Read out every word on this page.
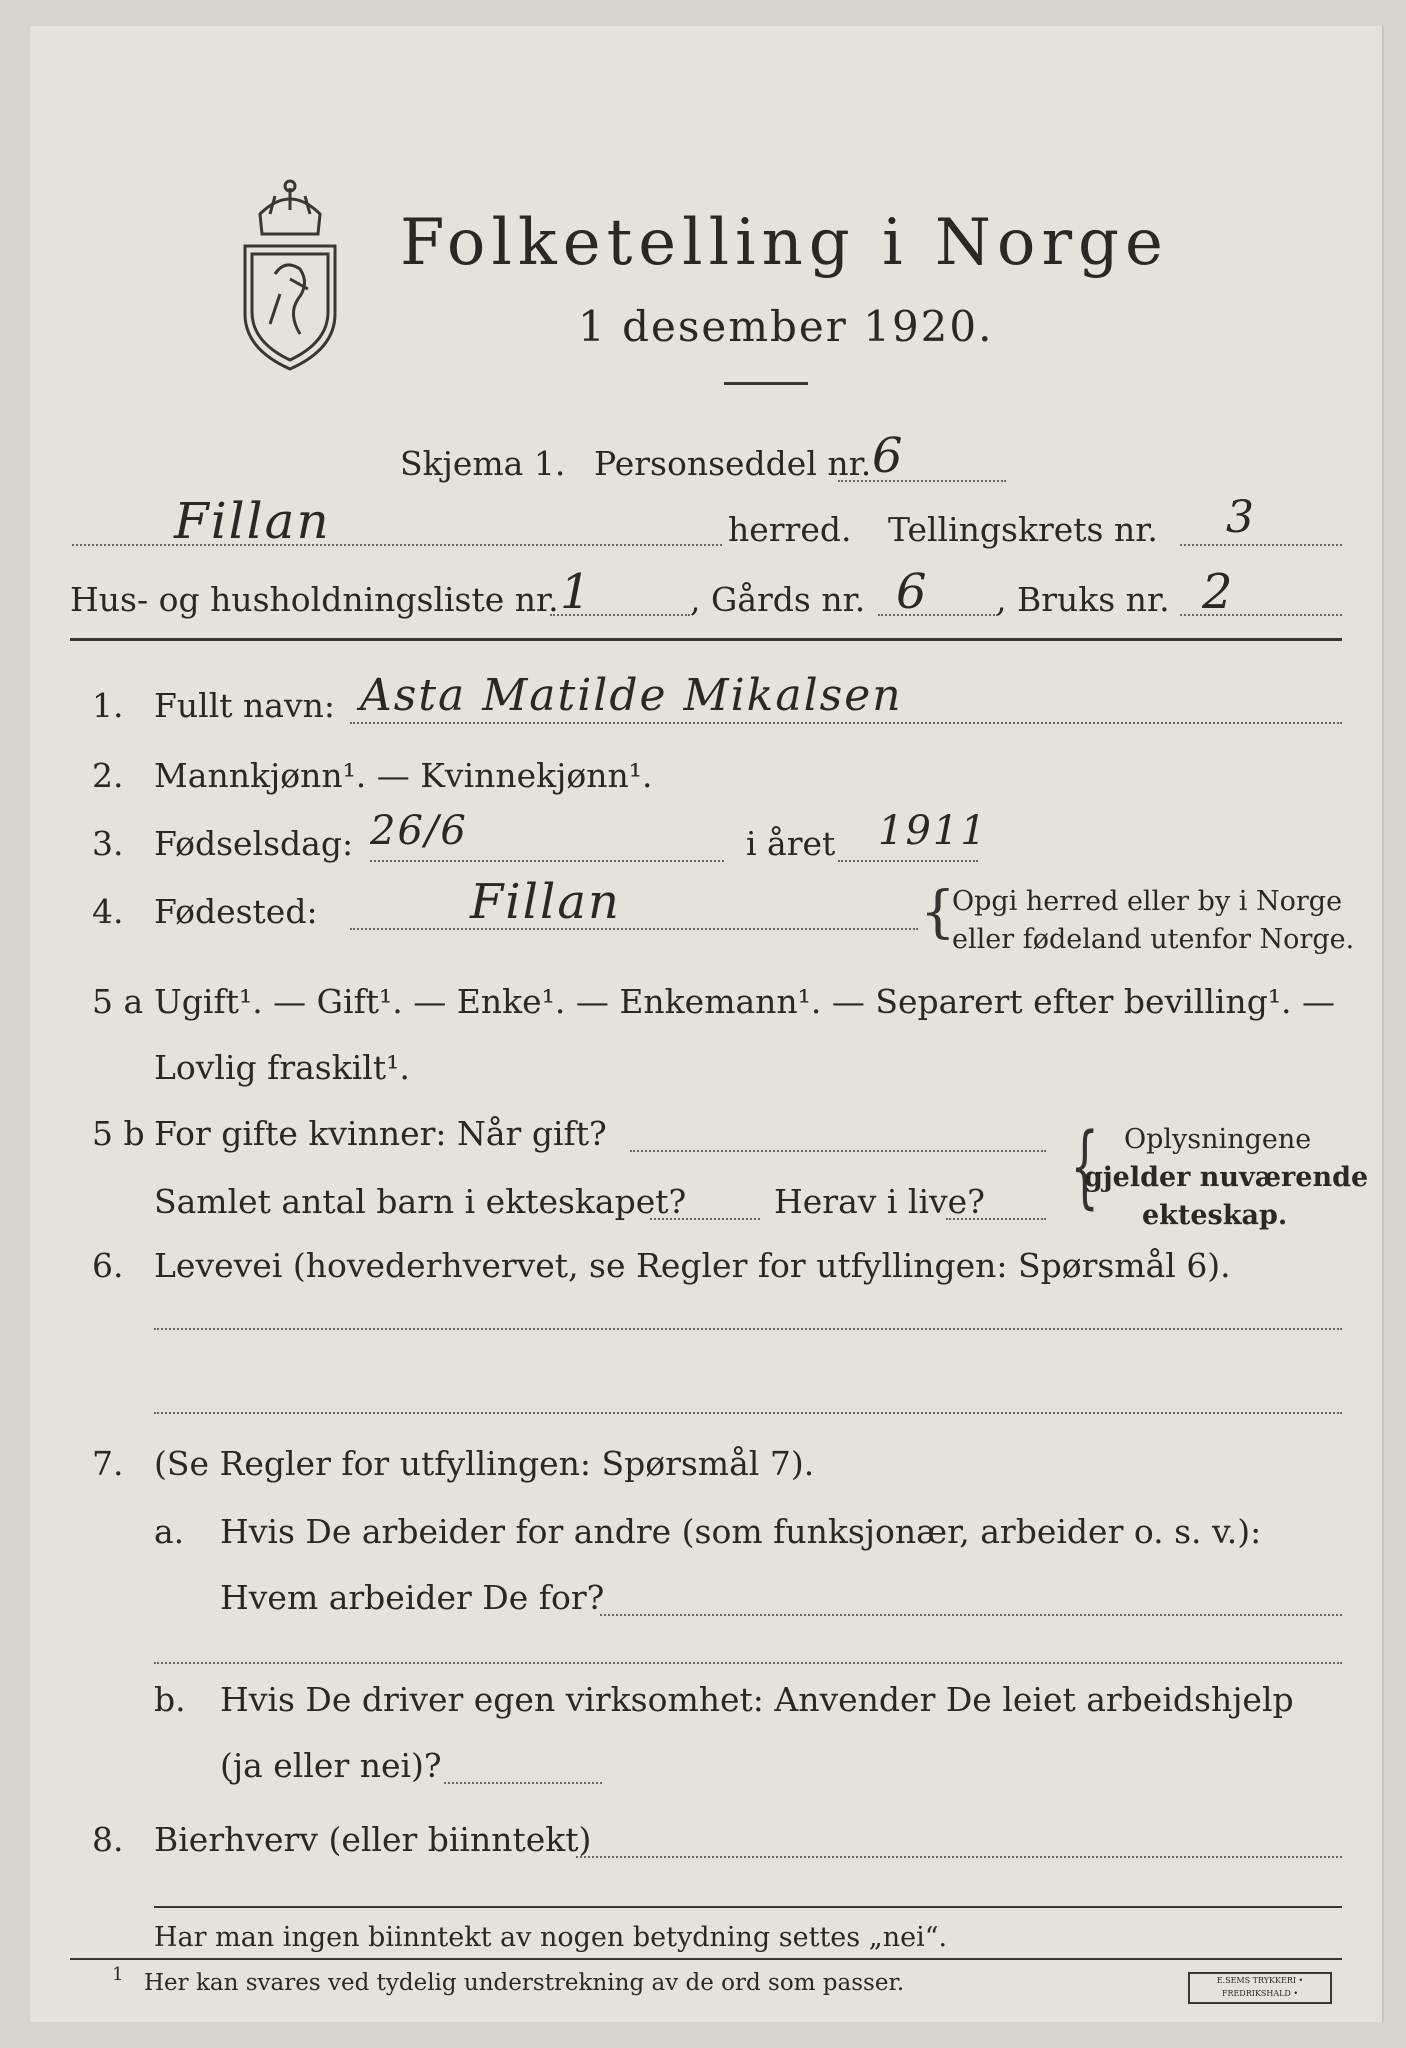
Folketelling i Norge
1 desember 1920.
Skjema 1. Personseddel nr. 6
Fillan	herred. Tellingskrets nr. 3
Hus- og husholdningsliste nr. 1	, Gårds nr. 6 , Bruks nr. 2
1. Fullt navn: Asta Matilde Mikalsen
2. Mannkjønn¹. — Kvinnekjønn¹.
3. Fødselsdag: 26/6	i året 1911
4. Fødested:	Fillan	{
Opgi herred eller by i Norge
eller fødeland utenfor Norge.
5 a Ugift¹. — Gift¹. — Enke¹. — Enkemann¹. — Separert efter bevilling¹. —
Lovlig fraskilt¹.
5 b For gifte kvinner: Når gift?
Samlet antal barn i ekteskapet?	Herav i live? { Oplysningene
gjelder nuværende
ekteskap.
6. Levevei (hovederhvervet, se Regler for utfyllingen: Spørsmål 6).
7. (Se Regler for utfyllingen: Spørsmål 7).
a. Hvis De arbeider for andre (som funksjonær, arbeider o. s. v.):
Hvem arbeider De for?
b. Hvis De driver egen virksomhet: Anvender De leiet arbeidshjelp
(ja eller nei)?
8. Bierhverv (eller biinntekt)
Har man ingen biinntekt av nogen betydning settes „nei“.
1 Her kan svares ved tydelig understrekning av de ord som passer.	E.SEMS TRYKKERI • FREDRIKSHALD •
